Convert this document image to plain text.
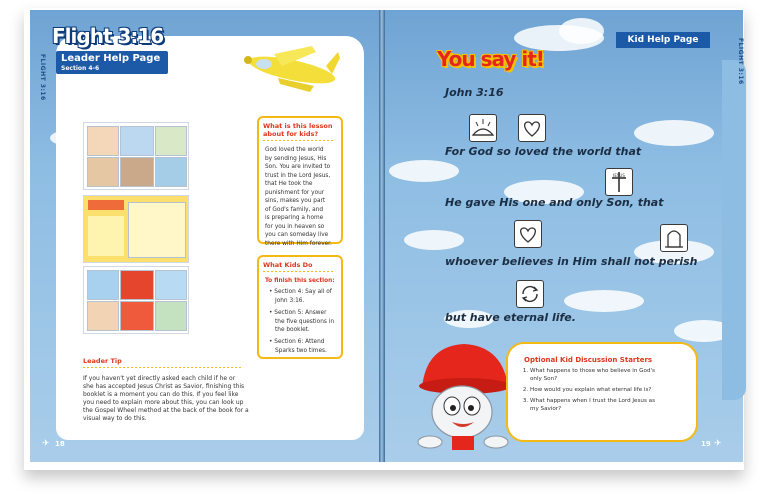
FLIGHT 3:16	FLIGHT 3:16
Flight 3:16
Leader Help Page
Section 4-6
What is this lesson about for kids?
God loved the world
by sending Jesus, His
Son. You are invited to
trust in the Lord Jesus,
that He took the
punishment for your
sins, makes you part
of God's family, and
is preparing a home
for you in heaven so
you can someday live
there with Him forever.
What Kids Do
To finish this section:
• Section 4: Say all of
John 3:16.
• Section 5: Answer
the five questions in
the booklet.
• Section 6: Attend
Sparks two times.
Leader Tip
If you haven't yet directly asked each child if he or
she has accepted Jesus Christ as Savior, finishing this
booklet is a moment you can do this. If you feel like
you need to explain more about this, you can look up
the Gospel Wheel method at the back of the book for a
visual way to do this.
✈ 18
Kid Help Page
You say it!
John 3:16
For God so loved the world that
JESUS
He gave His one and only Son, that
whoever believes in Him shall not perish
but have eternal life.
Optional Kid Discussion Starters
1. What happens to those who believe in God's
only Son?
2. How would you explain what eternal life is?
3. What happens when I trust the Lord Jesus as
my Savior?
19 ✈
